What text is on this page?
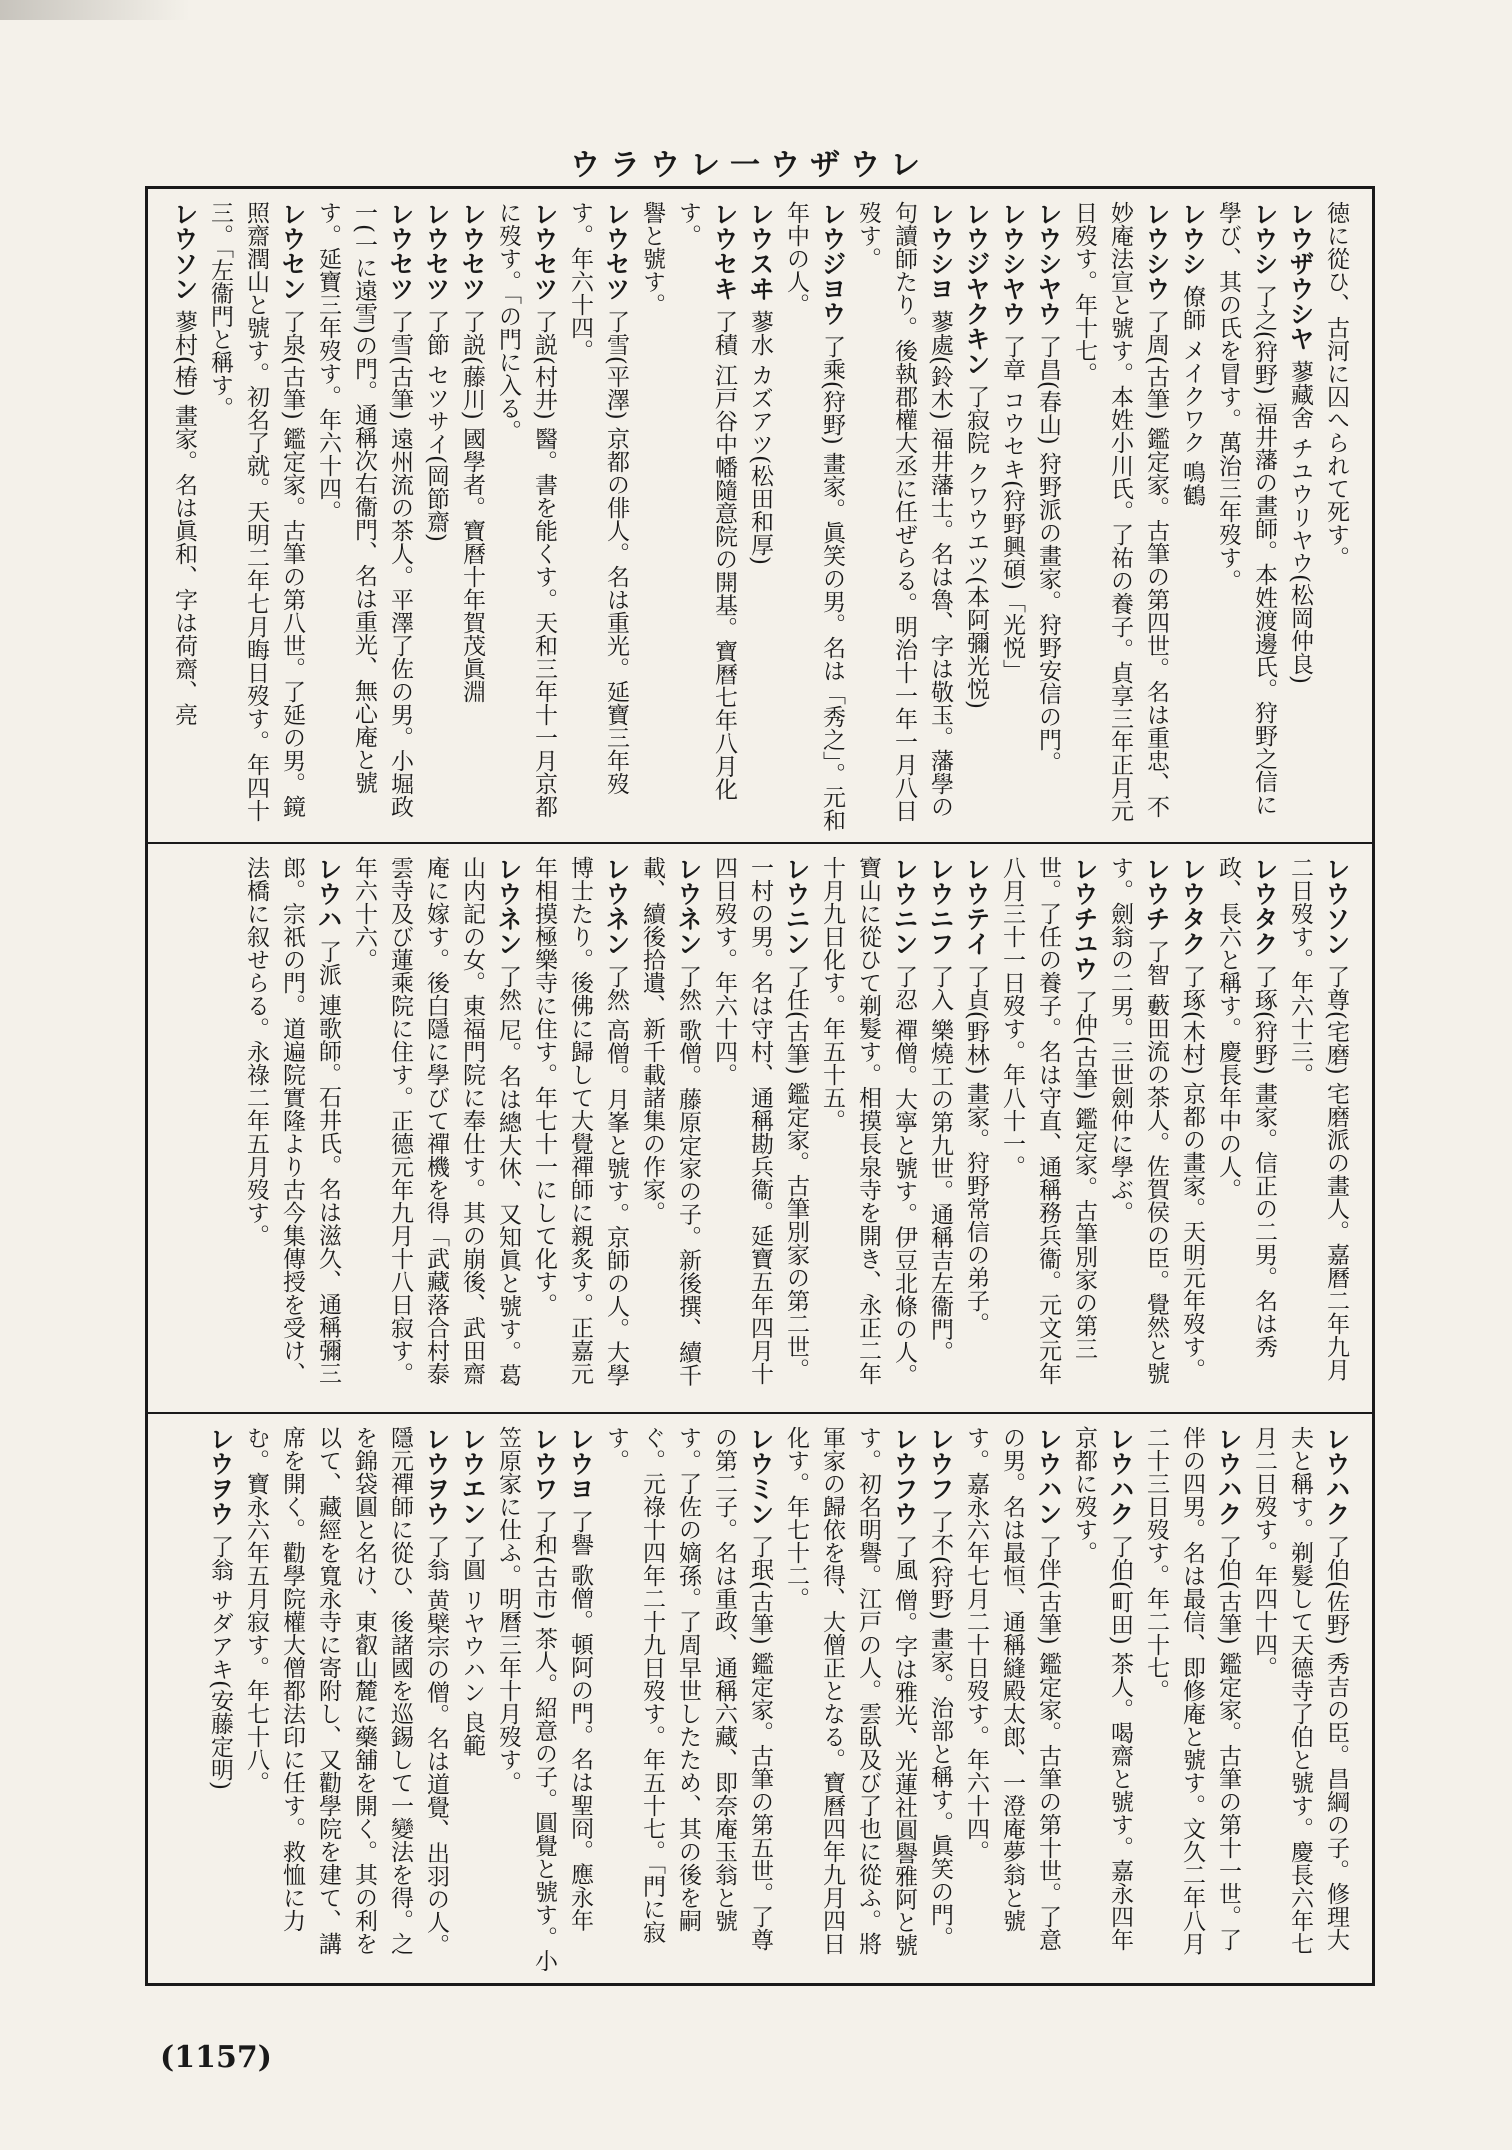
ウラウレ一ウザウレ
徳に從ひ、古河に囚へられて死す。
レウザウシヤ 蓼藏舍 チユウリヤウ(松岡仲良)
レウシ 了之(狩野) 福井藩の畫師。本姓渡邊氏。狩野之信に學び、其の氏を冒す。萬治三年歿す。
レウシ 僚師 メイクワク 鳴鶴
レウシウ 了周(古筆) 鑑定家。古筆の第四世。名は重忠、不妙庵法宣と號す。本姓小川氏。了祐の養子。貞享三年正月元日歿す。年十七。
レウシヤウ 了昌(春山) 狩野派の畫家。狩野安信の門。
レウシヤウ 了章 コウセキ(狩野興碩)「光悦」
レウジヤクキン 了寂院 クワウエツ(本阿彌光悦)
レウシヨ 蓼處(鈴木) 福井藩士。名は魯、字は敬玉。藩學の句讀師たり。後執郡權大丞に任ぜらる。明治十一年一月八日歿す。
レウジヨウ 了乘(狩野) 畫家。眞笑の男。名は「秀之」。元和年中の人。
レウスヰ 蓼水 カズアツ(松田和厚)
レウセキ 了積 江戸谷中幡隨意院の開基。寶曆七年八月化す。
譽と號す。
レウセツ 了雪(平澤) 京都の俳人。名は重光。延寶三年歿す。年六十四。
レウセツ 了説(村井) 醫。書を能くす。天和三年十一月京都に歿す。「の門に入る。
レウセツ 了説(藤川) 國學者。寶曆十年賀茂眞淵
レウセツ 了節 セツサイ(岡節齋)
レウセツ 了雪(古筆) 遠州流の茶人。平澤了佐の男。小堀政一(一に遠雪)の門。通稱次右衞門、名は重光、無心庵と號す。延寶三年歿す。年六十四。
レウセン 了泉(古筆) 鑑定家。古筆の第八世。了延の男。鏡照齋潤山と號す。初名了就。天明二年七月晦日歿す。年四十三。「左衞門と稱す。
レウソン 蓼村(椿) 畫家。名は眞和、字は荷齋、亮
レウソン 了尊(宅磨) 宅磨派の畫人。嘉曆二年九月二日歿す。年六十三。
レウタク 了琢(狩野) 畫家。信正の二男。名は秀政、長六と稱す。慶長年中の人。
レウタク 了琢(木村) 京都の畫家。天明元年歿す。
レウチ 了智 藪田流の茶人。佐賀侯の臣。覺然と號す。劍翁の二男。三世劍仲に學ぶ。
レウチユウ 了仲(古筆) 鑑定家。古筆別家の第三世。了任の養子。名は守直、通稱務兵衞。元文元年八月三十一日歿す。年八十一。
レウテイ 了貞(野林) 畫家。狩野常信の弟子。
レウニフ 了入 樂燒工の第九世。通稱吉左衞門。
レウニン 了忍 禪僧。大寧と號す。伊豆北條の人。寶山に從ひて剃髮す。相摸長泉寺を開き、永正二年十月九日化す。年五十五。
レウニン 了任(古筆) 鑑定家。古筆別家の第二世。一村の男。名は守村、通稱勘兵衞。延寶五年四月十四日歿す。年六十四。
レウネン 了然 歌僧。藤原定家の子。新後撰、續千載、續後拾遺、新千載諸集の作家。
レウネン 了然 高僧。月峯と號す。京師の人。大學博士たり。後佛に歸して大覺禪師に親炙す。正嘉元年相摸極樂寺に住す。年七十一にして化す。
レウネン 了然 尼。名は總大休、又知眞と號す。葛山内記の女。東福門院に奉仕す。其の崩後、武田齋庵に嫁す。後白隱に學びて禪機を得「武藏落合村泰雲寺及び蓮乘院に住す。正德元年九月十八日寂す。年六十六。
レウハ 了派 連歌師。石井氏。名は滋久、通稱彌三郎。宗祇の門。道遍院實隆より古今集傳授を受け、法橋に叙せらる。永祿二年五月歿す。
レウハク 了伯(佐野) 秀吉の臣。昌綱の子。修理大夫と稱す。剃髮して天德寺了伯と號す。慶長六年七月二日歿す。年四十四。
レウハク 了伯(古筆) 鑑定家。古筆の第十一世。了伴の四男。名は最信、即修庵と號す。文久二年八月二十三日歿す。年二十七。
レウハク 了伯(町田) 茶人。喝齋と號す。嘉永四年京都に歿す。
レウハン 了伴(古筆) 鑑定家。古筆の第十世。了意の男。名は最恒、通稱縫殿太郎、一澄庵夢翁と號す。嘉永六年七月二十日歿す。年六十四。
レウフ 了不(狩野) 畫家。治部と稱す。眞笑の門。
レウフウ 了風 僧。字は雅光、光蓮社圓譽雅阿と號す。初名明譽。江戸の人。雲臥及び了也に從ふ。將軍家の歸依を得、大僧正となる。寶曆四年九月四日化す。年七十二。
レウミン 了珉(古筆) 鑑定家。古筆の第五世。了尊の第二子。名は重政、通稱六藏、即奈庵玉翁と號す。了佐の嫡孫。了周早世したため、其の後を嗣ぐ。元祿十四年二十九日歿す。年五十七。「門に寂す。
レウヨ 了譽 歌僧。頓阿の門。名は聖冏。應永年
レウワ 了和(古市) 茶人。紹意の子。圓覺と號す。小笠原家に仕ふ。明曆三年十月歿す。
レウエン 了圓 リヤウハン 良範
レウヲウ 了翁 黄檗宗の僧。名は道覺、出羽の人。隱元禪師に從ひ、後諸國を巡錫して一變法を得。之を錦袋圓と名け、東叡山麓に藥舖を開く。其の利を以て、藏經を寬永寺に寄附し、又勸學院を建て、講席を開く。勸學院權大僧都法印に任す。救恤に力む。寶永六年五月寂す。年七十八。
レウヲウ 了翁 サダアキ(安藤定明)
(1157)
